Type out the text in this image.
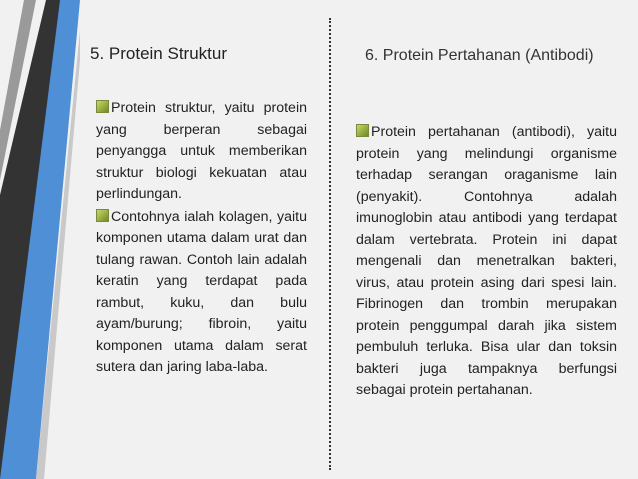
5. Protein Struktur	6. Protein Pertahanan (Antibodi)

Protein struktur, yaitu protein yang berperan sebagai penyangga untuk memberikan struktur biologi kekuatan atau perlindungan.

Contohnya ialah kolagen, yaitu komponen utama dalam urat dan tulang rawan. Contoh lain adalah keratin yang terdapat pada rambut, kuku, dan bulu ayam/burung; fibroin, yaitu komponen utama dalam serat sutera dan jaring laba-laba.

Protein pertahanan (antibodi), yaitu protein yang melindungi organisme terhadap serangan oraganisme lain (penyakit). Contohnya adalah imunoglobin atau antibodi yang terdapat dalam vertebrata. Protein ini dapat mengenali dan menetralkan bakteri, virus, atau protein asing dari spesi lain. Fibrinogen dan trombin merupakan protein penggumpal darah jika sistem pembuluh terluka. Bisa ular dan toksin bakteri juga tampaknya berfungsi sebagai protein pertahanan.
